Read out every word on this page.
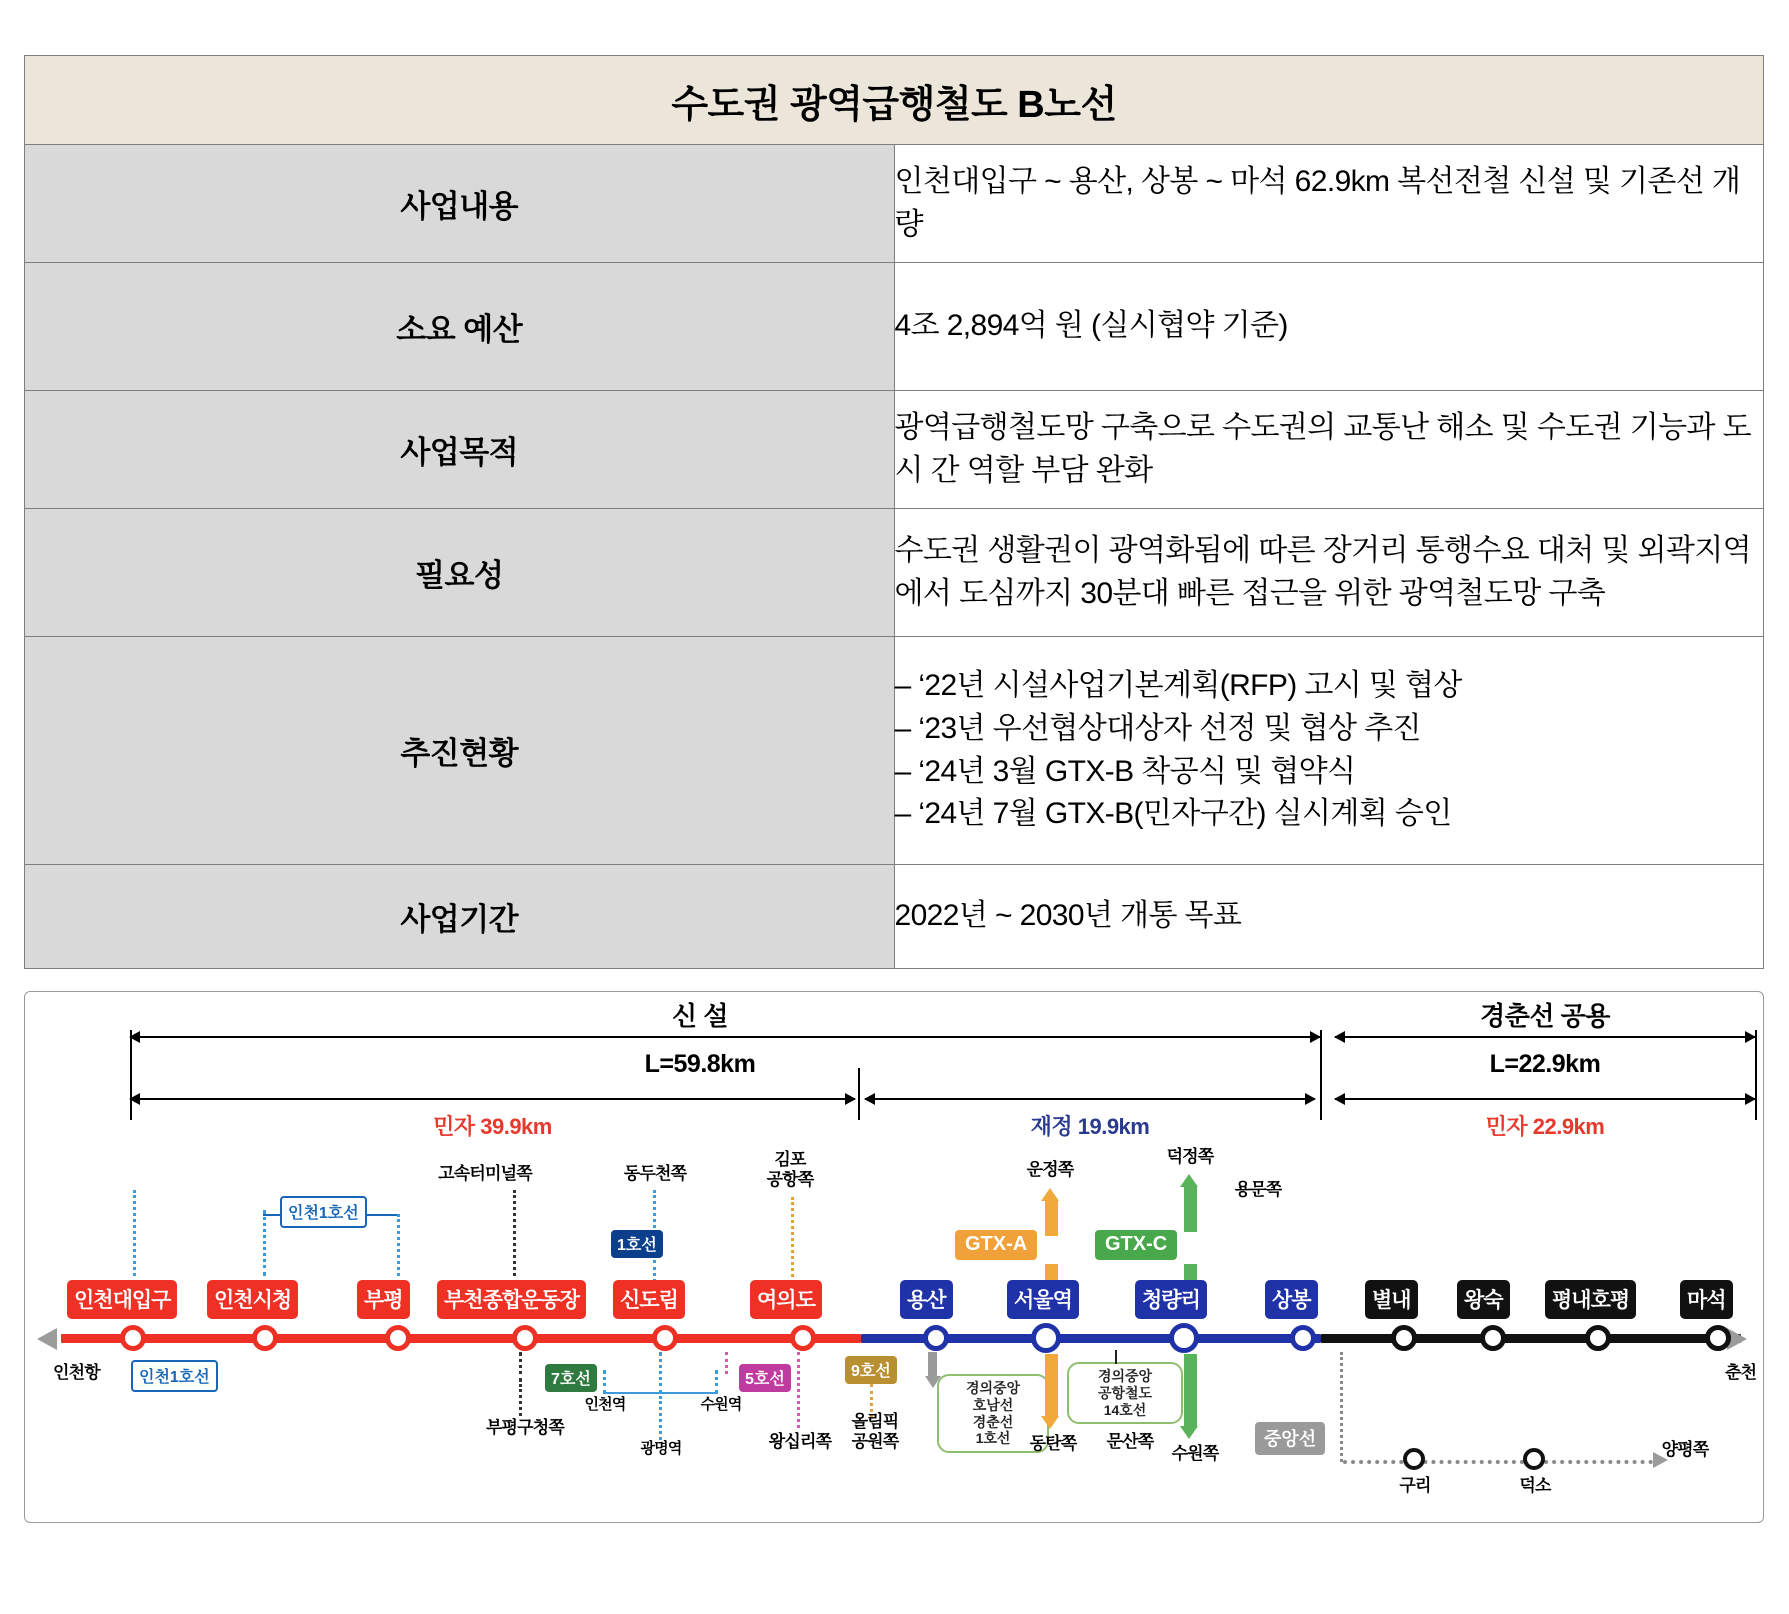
수도권 광역급행철도 B노선	
사업내용	인천대입구 ~ 용산, 상봉 ~ 마석 62.9km 복선전철 신설 및 기존선 개량
소요 예산	4조 2,894억 원 (실시협약 기준)
사업목적	광역급행철도망 구축으로 수도권의 교통난 해소 및 수도권 기능과 도시 간 역할 부담 완화
필요성	수도권 생활권이 광역화됨에 따른 장거리 통행수요 대처 및 외곽지역에서 도심까지 30분대 빠른 접근을 위한 광역철도망 구축
추진현황	
‒ ‘22년 시설사업기본계획(RFP) 고시 및 협상
‒ ‘23년 우선협상대상자 선정 및 협상 추진
‒ ‘24년 3월 GTX-B 착공식 및 협약식
‒ ‘24년 7월 GTX-B(민자구간) 실시계획 승인

사업기간	2022년 ~ 2030년 개통 목표
신 설	경춘선 공용
L=59.8km	L=22.9km
민자 39.9km	재정 19.9km	민자 22.9km
고속터미널쪽	동두천쪽
1호선
김포
공항쪽
운정쪽
GTX-A
덕정쪽
용문쪽
GTX-C
인천1호선
인천대입구	인천시청	부평	부천종합운동장	신도림	여의도	용산	서울역	청량리	상봉	별내	왕숙	평내호평	마석
인천항	춘천
인천1호선	7호선
부평구청쪽
인천역	수원역
광명역
5호선
왕십리쪽
9호선
올림픽
공원쪽
경의중앙
호남선
경춘선
1호선	동탄쪽
경의중앙
공항철도
14호선
문산쪽
수원쪽
중앙선
양평쪽
구리	덕소
